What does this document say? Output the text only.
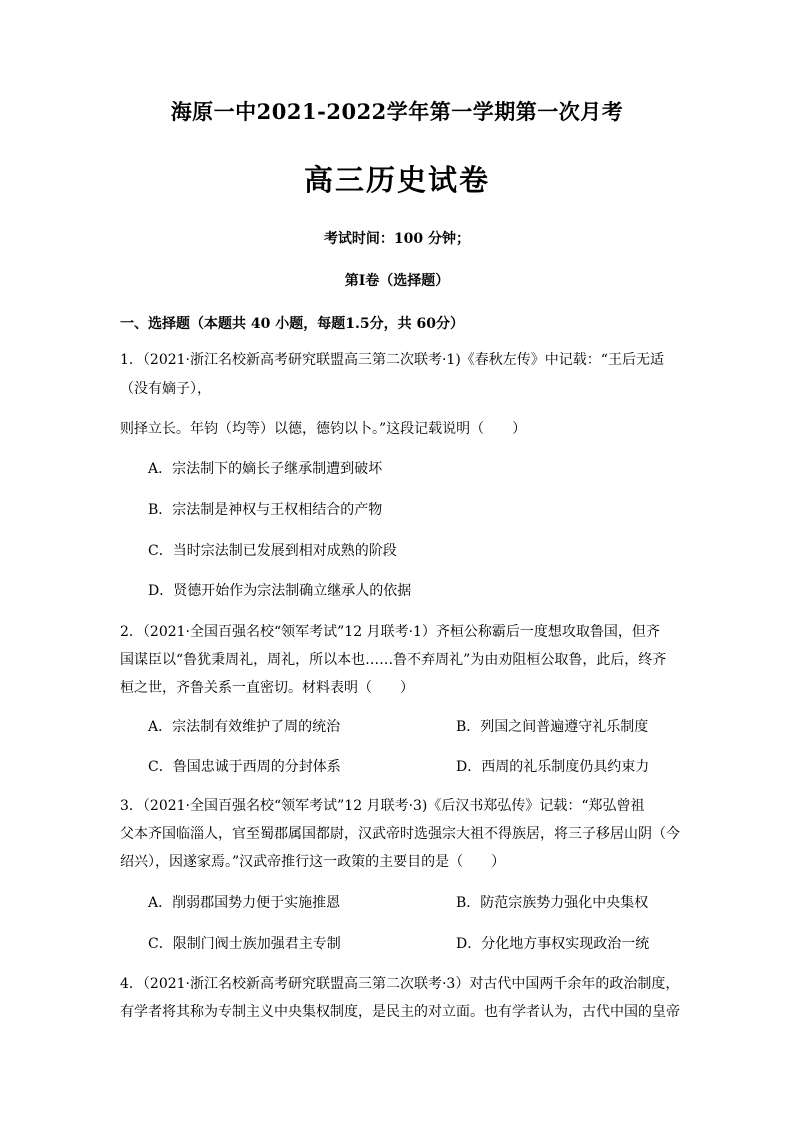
海原一中2021-2022学年第一学期第一次月考
高三历史试卷
考试时间：100 分钟；
第I卷（选择题）
一、选择题（本题共 40 小题，每题1.5分，共 60分）
1．（2021·浙江名校新高考研究联盟高三第二次联考·1)《春秋左传》中记载：“王后无适
（没有嫡子），
则择立长。年钧（均等）以德，德钧以卜。”这段记载说明（　　）
A．宗法制下的嫡长子继承制遭到破坏
B．宗法制是神权与王权相结合的产物
C．当时宗法制已发展到相对成熟的阶段
D．贤德开始作为宗法制确立继承人的依据
2．（2021·全国百强名校“领军考试”12 月联考·1）齐桓公称霸后一度想攻取鲁国，但齐
国谋臣以“鲁犹秉周礼，周礼，所以本也……鲁不弃周礼”为由劝阻桓公取鲁，此后，终齐
桓之世，齐鲁关系一直密切。材料表明（　　）
A．宗法制有效维护了周的统治	B．列国之间普遍遵守礼乐制度
C．鲁国忠诚于西周的分封体系	D．西周的礼乐制度仍具约束力
3．（2021·全国百强名校“领军考试”12 月联考·3)《后汉书郑弘传》记载：“郑弘曾祖
父本齐国临淄人，官至蜀郡属国都尉，汉武帝时选强宗大祖不得族居，将三子移居山阴（今
绍兴），因遂家焉。”汉武帝推行这一政策的主要目的是（　　）
A．削弱郡国势力便于实施推恩	B．防范宗族势力强化中央集权
C．限制门阀士族加强君主专制	D．分化地方事权实现政治一统
4．（2021·浙江名校新高考研究联盟高三第二次联考·3）对古代中国两千余年的政治制度，
有学者将其称为专制主义中央集权制度，是民主的对立面。也有学者认为，古代中国的皇帝
